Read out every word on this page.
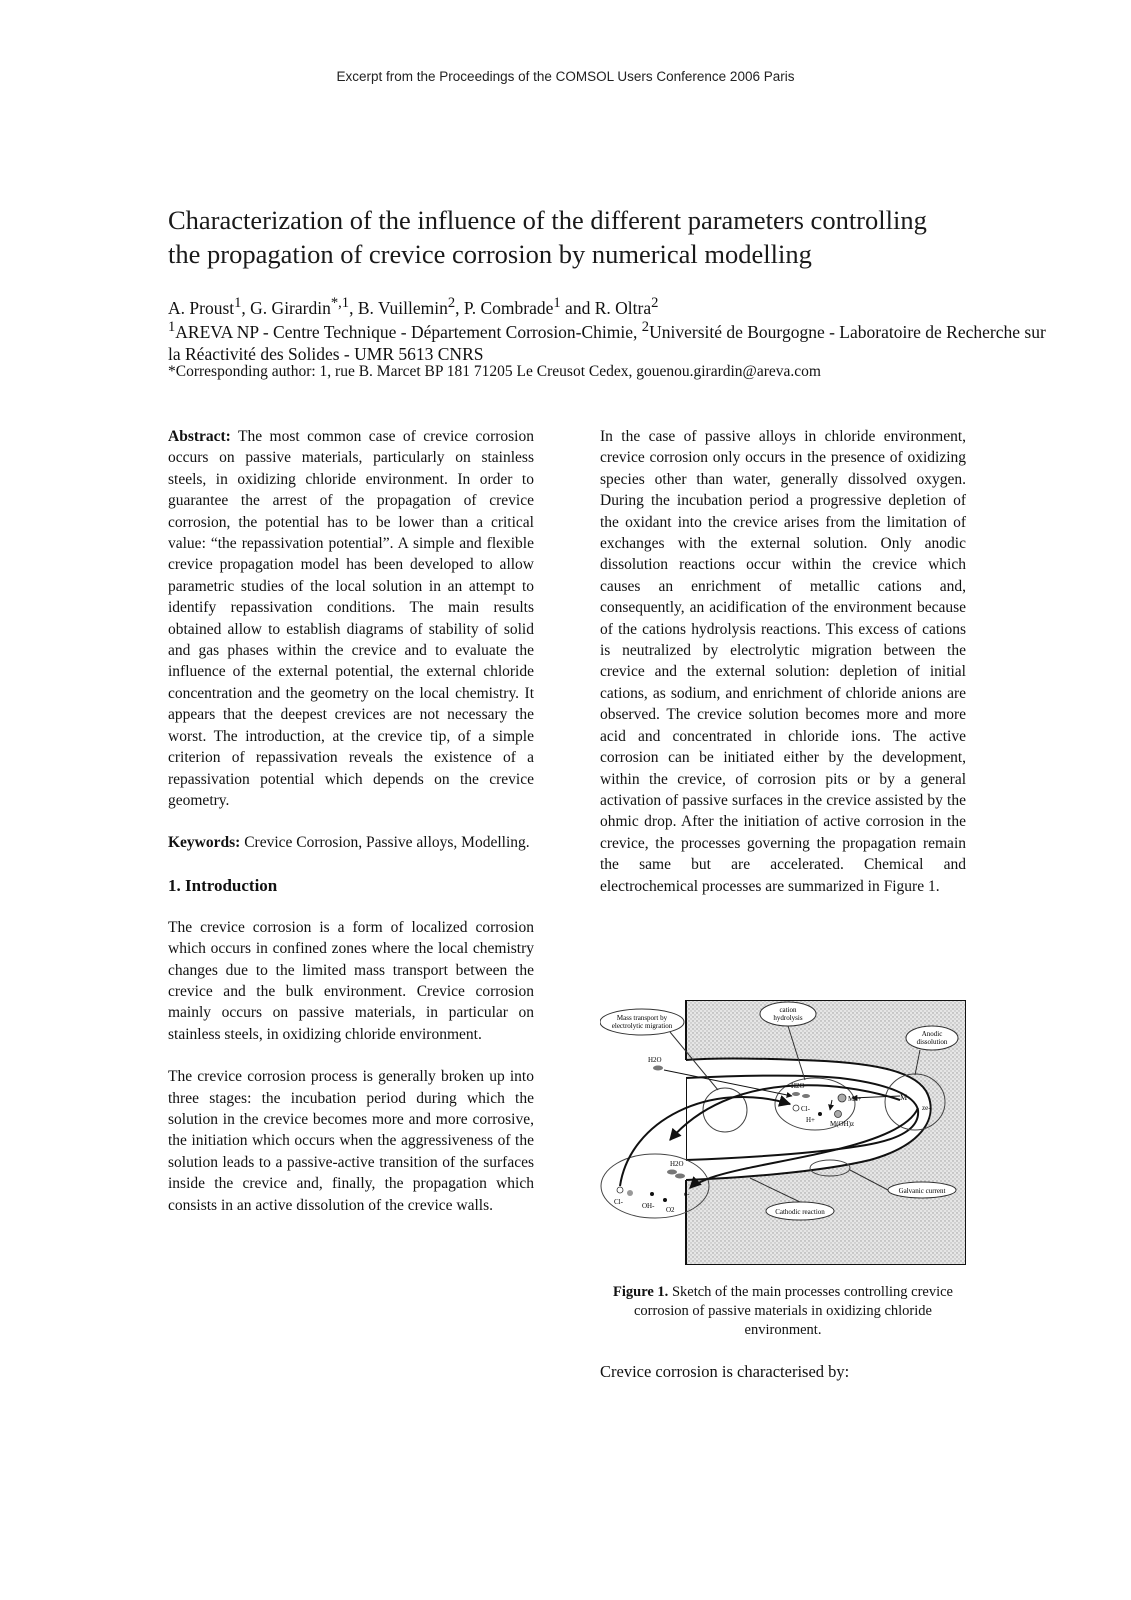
Excerpt from the Proceedings of the COMSOL Users Conference 2006 Paris
Characterization of the influence of the different parameters controlling
the propagation of crevice corrosion by numerical modelling
A. Proust$^1$, G. Girardin$^{*,1}$, B. Vuillemin$^2$, P. Combrade$^1$ and R. Oltra$^2$
$^1$AREVA NP - Centre Technique - Département Corrosion-Chimie, $^2$Université de Bourgogne - Laboratoire de Recherche sur la Réactivité des Solides - UMR 5613 CNRS
*Corresponding author: 1, rue B. Marcet BP 181 71205 Le Creusot Cedex, gouenou.girardin@areva.com

Abstract: The most common case of crevice corrosion occurs on passive materials, particularly on stainless steels, in oxidizing chloride environment. In order to guarantee the arrest of the propagation of crevice corrosion, the potential has to be lower than a critical value: “the repassivation potential”. A simple and flexible crevice propagation model has been developed to allow parametric studies of the local solution in an attempt to identify repassivation conditions. The main results obtained allow to establish diagrams of stability of solid and gas phases within the crevice and to evaluate the influence of the external potential, the external chloride concentration and the geometry on the local chemistry. It appears that the deepest crevices are not necessary the worst. The introduction, at the crevice tip, of a simple criterion of repassivation reveals the existence of a repassivation potential which depends on the crevice geometry.

Keywords: Crevice Corrosion, Passive alloys, Modelling.

1. Introduction

The crevice corrosion is a form of localized corrosion which occurs in confined zones where the local chemistry changes due to the limited mass transport between the crevice and the bulk environment. Crevice corrosion mainly occurs on passive materials, in particular on stainless steels, in oxidizing chloride environment.

The crevice corrosion process is generally broken up into three stages: the incubation period during which the solution in the crevice becomes more and more corrosive, the initiation which occurs when the aggressiveness of the solution leads to a passive-active transition of the surfaces inside the crevice and, finally, the propagation which consists in an active dissolution of the crevice walls.

In the case of passive alloys in chloride environment, crevice corrosion only occurs in the presence of oxidizing species other than water, generally dissolved oxygen. During the incubation period a progressive depletion of the oxidant into the crevice arises from the limitation of exchanges with the external solution. Only anodic dissolution reactions occur within the crevice which causes an enrichment of metallic cations and, consequently, an acidification of the environment because of the cations hydrolysis reactions. This excess of cations is neutralized by electrolytic migration between the crevice and the external solution: depletion of initial cations, as sodium, and enrichment of chloride anions are observed. The crevice solution becomes more and more acid and concentrated in chloride ions. The active corrosion can be initiated either by the development, within the crevice, of corrosion pits or by a general activation of passive surfaces in the crevice assisted by the ohmic drop. After the initiation of active corrosion in the crevice, the processes governing the propagation remain the same but are accelerated. Chemical and electrochemical processes are summarized in Figure 1.

cation
hydrolysis
Mass transport by
electrolytic migration
Anodic
dissolution
Galvanic current
Cathodic reaction
H2O
H2O
Mz+	M
ze-
Cl-
H+ M(OH)z
Cl-
H2O
OH- O2
e-
Figure 1. Sketch of the main processes controlling crevice corrosion of passive materials in oxidizing chloride environment.
Crevice corrosion is characterised by:
